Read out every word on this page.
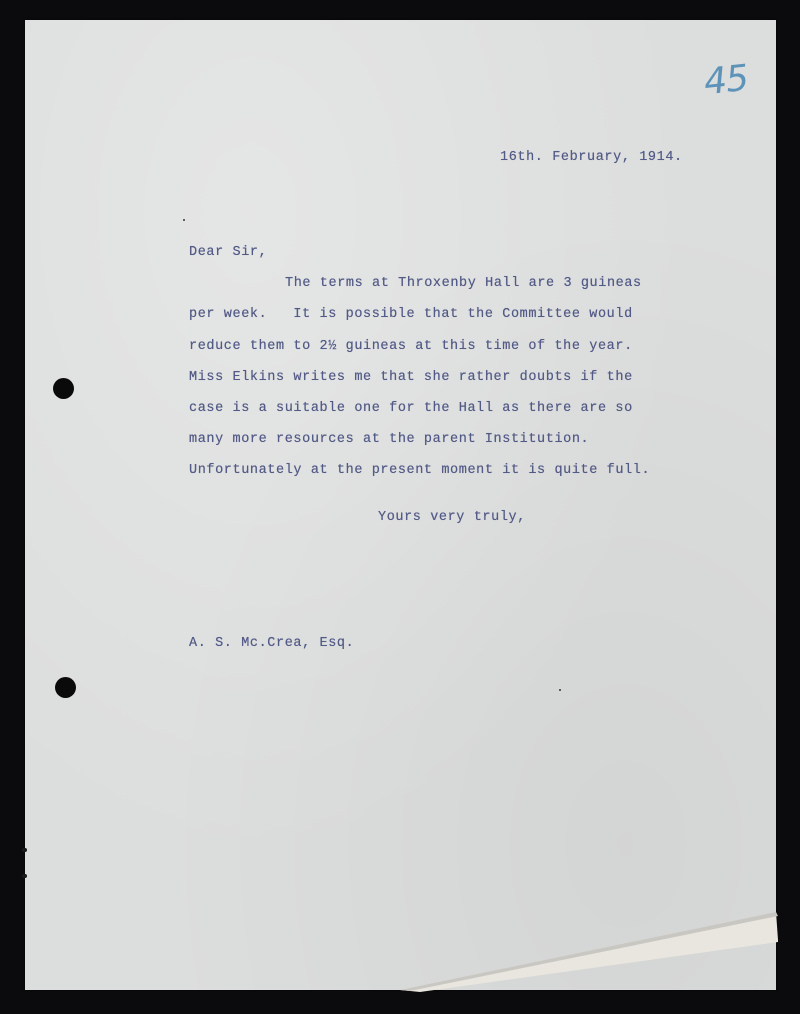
45
16th. February, 1914.
Dear Sir,
The terms at Throxenby Hall are 3 guineas
per week.   It is possible that the Committee would
reduce them to 2½ guineas at this time of the year.
Miss Elkins writes me that she rather doubts if the
case is a suitable one for the Hall as there are so
many more resources at the parent Institution.
Unfortunately at the present moment it is quite full.
Yours very truly,
A. S. Mc.Crea, Esq.
